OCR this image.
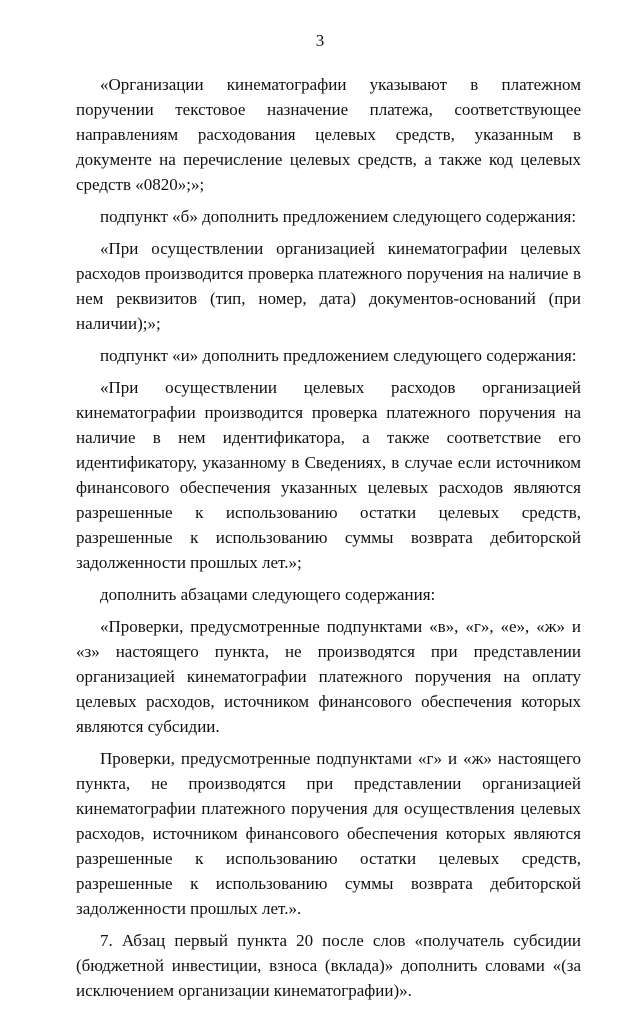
3

«Организации кинематографии указывают в платежном поручении текстовое назначение платежа, соответствующее направлениям расходования целевых средств, указанным в документе на перечисление целевых средств, а также код целевых средств «0820»;»;

подпункт «б» дополнить предложением следующего содержания:

«При осуществлении организацией кинематографии целевых расходов производится проверка платежного поручения на наличие в нем реквизитов (тип, номер, дата) документов-оснований (при наличии);»;

подпункт «и» дополнить предложением следующего содержания:

«При осуществлении целевых расходов организацией кинематографии производится проверка платежного поручения на наличие в нем идентификатора, а также соответствие его идентификатору, указанному в Сведениях, в случае если источником финансового обеспечения указанных целевых расходов являются разрешенные к использованию остатки целевых средств, разрешенные к использованию суммы возврата дебиторской задолженности прошлых лет.»;

дополнить абзацами следующего содержания:

«Проверки, предусмотренные подпунктами «в», «г», «е», «ж» и «з» настоящего пункта, не производятся при представлении организацией кинематографии платежного поручения на оплату целевых расходов, источником финансового обеспечения которых являются субсидии.

Проверки, предусмотренные подпунктами «г» и «ж» настоящего пункта, не производятся при представлении организацией кинематографии платежного поручения для осуществления целевых расходов, источником финансового обеспечения которых являются разрешенные к использованию остатки целевых средств, разрешенные к использованию суммы возврата дебиторской задолженности прошлых лет.».

7. Абзац первый пункта 20 после слов «получатель субсидии (бюджетной инвестиции, взноса (вклада)» дополнить словами «(за исключением организации кинематографии)».
